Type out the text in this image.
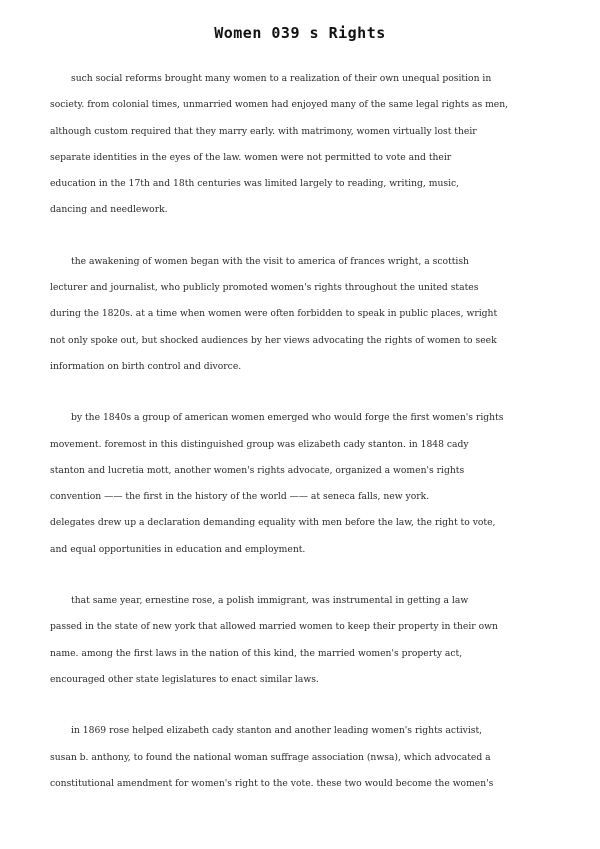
Women 039 s Rights
such social reforms brought many women to a realization of their own unequal position in
society. from colonial times, unmarried women had enjoyed many of the same legal rights as men,
although custom required that they marry early. with matrimony, women virtually lost their
separate identities in the eyes of the law. women were not permitted to vote and their
education in the 17th and 18th centuries was limited largely to reading, writing, music,
dancing and needlework.
the awakening of women began with the visit to america of frances wright, a scottish
lecturer and journalist, who publicly promoted women's rights throughout the united states
during the 1820s. at a time when women were often forbidden to speak in public places, wright
not only spoke out, but shocked audiences by her views advocating the rights of women to seek
information on birth control and divorce.
by the 1840s a group of american women emerged who would forge the first women's rights
movement. foremost in this distinguished group was elizabeth cady stanton. in 1848 cady
stanton and lucretia mott, another women's rights advocate, organized a women's rights
convention —— the first in the history of the world —— at seneca falls, new york.
delegates drew up a declaration demanding equality with men before the law, the right to vote,
and equal opportunities in education and employment.
that same year, ernestine rose, a polish immigrant, was instrumental in getting a law
passed in the state of new york that allowed married women to keep their property in their own
name. among the first laws in the nation of this kind, the married women's property act,
encouraged other state legislatures to enact similar laws.
in 1869 rose helped elizabeth cady stanton and another leading women's rights activist,
susan b. anthony, to found the national woman suffrage association (nwsa), which advocated a
constitutional amendment for women's right to the vote. these two would become the women's
